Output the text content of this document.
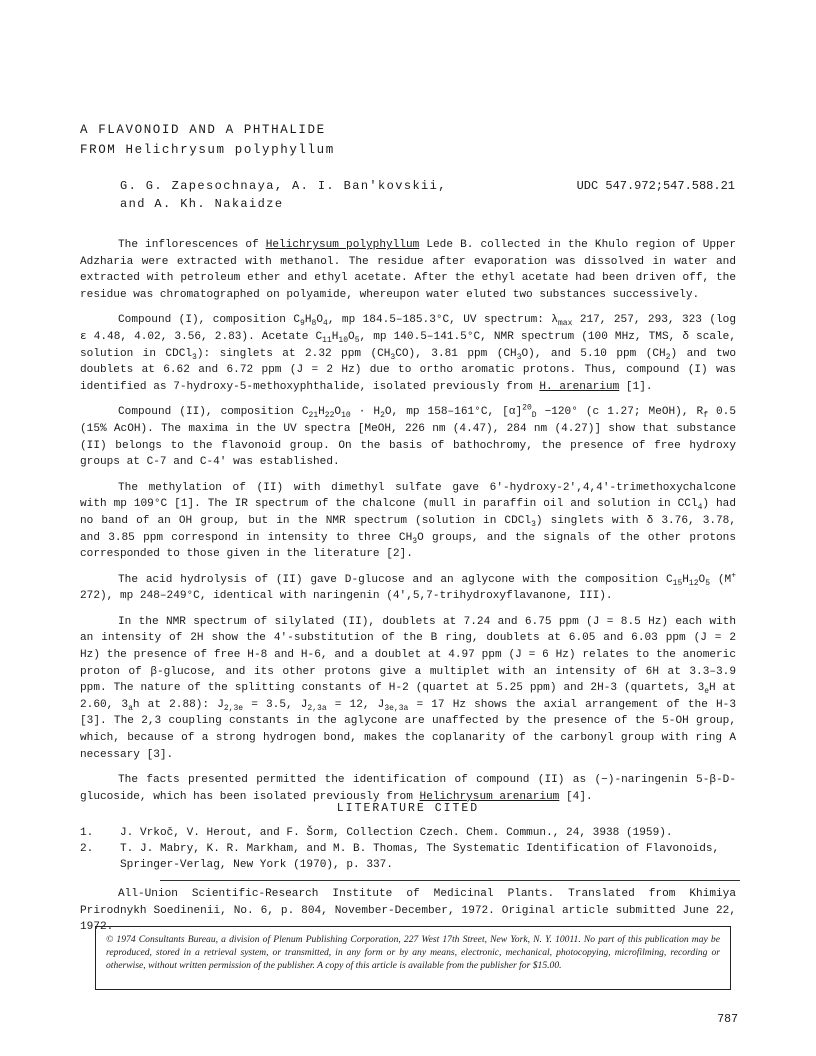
A FLAVONOID AND A PHTHALIDE
FROM Helichrysum polyphyllum
G. G. Zapesochnaya, A. I. Ban'kovskii,
and A. Kh. Nakaidze
UDC 547.972;547.588.21

The inflorescences of Helichrysum polyphyllum Lede B. collected in the Khulo region of Upper Adzharia were extracted with methanol. The residue after evaporation was dissolved in water and extracted with petroleum ether and ethyl acetate. After the ethyl acetate had been driven off, the residue was chromatographed on polyamide, whereupon water eluted two substances successively.

Compound (I), composition $C_9H_8O_4$, mp 184.5–185.3°C, UV spectrum: $\lambda_{max}$ 217, 257, 293, 323 (log ε 4.48, 4.02, 3.56, 2.83). Acetate $C_{11}H_{10}O_5$, mp 140.5–141.5°C, NMR spectrum (100 MHz, TMS, δ scale, solution in CDCl$_3$): singlets at 2.32 ppm $(CH_3CO)$, 3.81 ppm $(CH_3O)$, and 5.10 ppm $(CH_2)$ and two doublets at 6.62 and 6.72 ppm (J = 2 Hz) due to ortho aromatic protons. Thus, compound (I) was identified as 7-hydroxy-5-methoxyphthalide, isolated previously from H. arenarium [1].

Compound (II), composition $C_{21}H_{22}O_{10} \cdot H_2O$, mp 158–161°C, $[\alpha]^{20}_D -120^\circ$ (c 1.27; MeOH), $R_f$ 0.5 (15% AcOH). The maxima in the UV spectra [MeOH, 226 nm (4.47), 284 nm (4.27)] show that substance (II) belongs to the flavonoid group. On the basis of bathochromy, the presence of free hydroxy groups at C-7 and C-4' was established.

The methylation of (II) with dimethyl sulfate gave 6'-hydroxy-2',4,4'-trimethoxychalcone with mp 109°C [1]. The IR spectrum of the chalcone (mull in paraffin oil and solution in CCl$_4$) had no band of an OH group, but in the NMR spectrum (solution in CDCl$_3$) singlets with δ 3.76, 3.78, and 3.85 ppm correspond in intensity to three $CH_3O$ groups, and the signals of the other protons corresponded to those given in the literature [2].

The acid hydrolysis of (II) gave D-glucose and an aglycone with the composition $C_{15}H_{12}O_5$ (M+ 272), mp 248–249°C, identical with naringenin (4',5,7-trihydroxyflavanone, III).

In the NMR spectrum of silylated (II), doublets at 7.24 and 6.75 ppm (J = 8.5 Hz) each with an intensity of 2H show the 4'-substitution of the B ring, doublets at 6.05 and 6.03 ppm (J = 2 Hz) the presence of free H-8 and H-6, and a doublet at 4.97 ppm (J = 6 Hz) relates to the anomeric proton of β-glucose, and its other protons give a multiplet with an intensity of 6H at 3.3–3.9 ppm. The nature of the splitting constants of H-2 (quartet at 5.25 ppm) and 2H-3 (quartets, $3_eH$ at 2.60, $3_ah$ at 2.88): $J_{2,3e} = 3.5$, $J_{2,3a} = 12$, $J_{3e,3a} = 17$ Hz shows the axial arrangement of the H-3 [3]. The 2,3 coupling constants in the aglycone are unaffected by the presence of the 5-OH group, which, because of a strong hydrogen bond, makes the coplanarity of the carbonyl group with ring A necessary [3].

The facts presented permitted the identification of compound (II) as (−)-naringenin 5-β-D-glucoside, which has been isolated previously from Helichrysum arenarium [4].

LITERATURE CITED
1.	J. Vrkoč, V. Herout, and F. Šorm, Collection Czech. Chem. Commun., 24, 3938 (1959).
2.	T. J. Mabry, K. R. Markham, and M. B. Thomas, The Systematic Identification of Flavonoids, Springer-Verlag, New York (1970), p. 337.
All-Union Scientific-Research Institute of Medicinal Plants. Translated from Khimiya Prirodnykh Soedinenii, No. 6, p. 804, November-December, 1972. Original article submitted June 22, 1972.
© 1974 Consultants Bureau, a division of Plenum Publishing Corporation, 227 West 17th Street, New York, N. Y. 10011. No part of this publication may be reproduced, stored in a retrieval system, or transmitted, in any form or by any means, electronic, mechanical, photocopying, microfilming, recording or otherwise, without written permission of the publisher. A copy of this article is available from the publisher for $15.00.
787
